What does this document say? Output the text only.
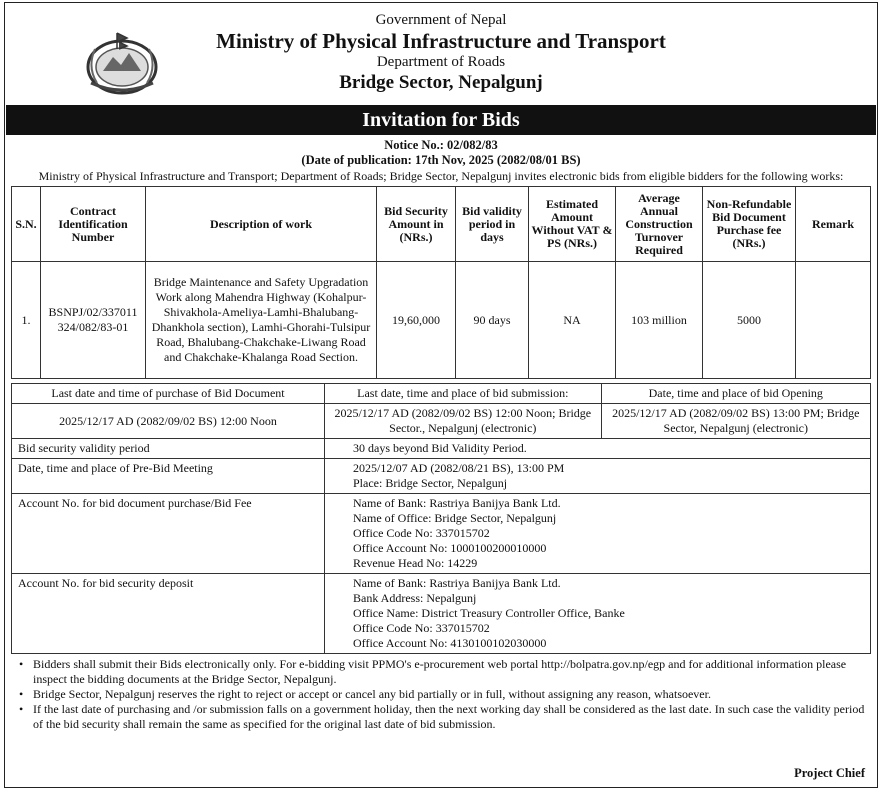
Government of Nepal
Ministry of Physical Infrastructure and Transport
Department of Roads
Bridge Sector, Nepalgunj
Invitation for Bids
Notice No.: 02/082/83
(Date of publication: 17th Nov, 2025 (2082/08/01 BS)
Ministry of Physical Infrastructure and Transport; Department of Roads; Bridge Sector, Nepalgunj invites electronic bids from eligible bidders for the following works:
S.N.	Contract Identification Number	Description of work	Bid Security Amount in (NRs.)	Bid validity period in days	Estimated Amount Without VAT & PS (NRs.)	Average Annual Construction Turnover Required	Non-Refundable Bid Document Purchase fee (NRs.)	Remark
1.	BSNPJ/02/337011 324/082/83-01	Bridge Maintenance and Safety Upgradation Work along Mahendra Highway (Kohalpur-Shivakhola-Ameliya-Lamhi-Bhalubang-Dhankhola section), Lamhi-Ghorahi-Tulsipur Road, Bhalubang-Chakchake-Liwang Road and Chakchake-Khalanga Road Section.	19,60,000	90 days	NA	103 million	5000	
Last date and time of purchase of Bid Document	Last date, time and place of bid submission:	Date, time and place of bid Opening
2025/12/17 AD (2082/09/02 BS) 12:00 Noon	2025/12/17 AD (2082/09/02 BS) 12:00 Noon; Bridge Sector., Nepalgunj (electronic)	2025/12/17 AD (2082/09/02 BS) 13:00 PM; Bridge Sector, Nepalgunj (electronic)
Bid security validity period	30 days beyond Bid Validity Period.	

Date, time and place of Pre-Bid Meeting	2025/12/07 AD (2082/08/21 BS), 13:00 PM
Place: Bridge Sector, Nepalgunj	

Account No. for bid document purchase/Bid Fee	Name of Bank: Rastriya Banijya Bank Ltd.
Name of Office: Bridge Sector, Nepalgunj
Office Code No: 337015702
Office Account No: 1000100200010000
Revenue Head No: 14229	

Account No. for bid security deposit	Name of Bank: Rastriya Banijya Bank Ltd.
Bank Address: Nepalgunj
Office Name: District Treasury Controller Office, Banke
Office Code No: 337015702
Office Account No: 4130100102030000	
• Bidders shall submit their Bids electronically only. For e-bidding visit PPMO's e-procurement web portal http://bolpatra.gov.np/egp and for additional information please inspect the bidding documents at the Bridge Sector, Nepalgunj.
• Bridge Sector, Nepalgunj reserves the right to reject or accept or cancel any bid partially or in full, without assigning any reason, whatsoever.
• If the last date of purchasing and /or submission falls on a government holiday, then the next working day shall be considered as the last date. In such case the validity period of the bid security shall remain the same as specified for the original last date of bid submission.
Project Chief
